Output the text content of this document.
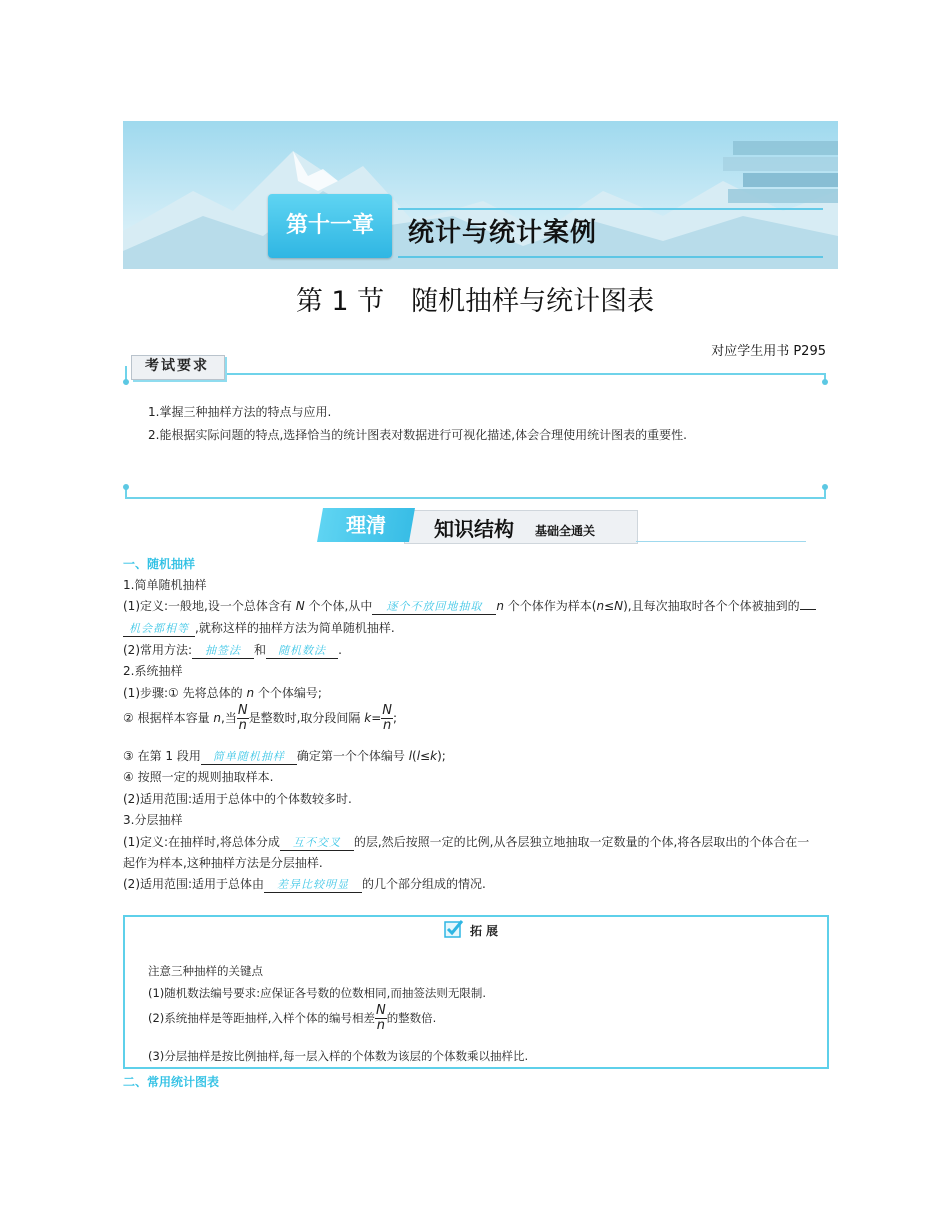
第十一章	统计与统计案例
第 1 节　随机抽样与统计图表
对应学生用书 P295
考试要求
1.掌握三种抽样方法的特点与应用.
2.能根据实际问题的特点,选择恰当的统计图表对数据进行可视化描述,体会合理使用统计图表的重要性.
理清	知识结构 基础全通关
一、随机抽样
1.简单随机抽样
(1)定义:一般地,设一个总体含有 N 个个体,从中 逐个不放回地抽取 n 个个体作为样本(n≤N),且每次抽取时各个个体被抽到的
机会都相等 ,就称这样的抽样方法为简单随机抽样.
(2)常用方法: 抽签法 和 随机数法 .
2.系统抽样
(1)步骤:① 先将总体的 n 个个体编号;
② 根据样本容量 n,当 $\frac{N}{n}$ 是整数时,取分段间隔 $k= \frac{N}{n}$ ;
③ 在第 1 段用 简单随机抽样 确定第一个个体编号 l(l≤k);
④ 按照一定的规则抽取样本.
(2)适用范围:适用于总体中的个体数较多时.
3.分层抽样
(1)定义:在抽样时,将总体分成 互不交叉 的层,然后按照一定的比例,从各层独立地抽取一定数量的个体,将各层取出的个体合在一
起作为样本,这种抽样方法是分层抽样.
(2)适用范围:适用于总体由 差异比较明显 的几个部分组成的情况.
拓展
注意三种抽样的关键点
(1)随机数法编号要求:应保证各号数的位数相同,而抽签法则无限制.
(2)系统抽样是等距抽样,入样个体的编号相差 $\frac{N}{n}$ 的整数倍.
(3)分层抽样是按比例抽样,每一层入样的个体数为该层的个体数乘以抽样比.
二、常用统计图表
